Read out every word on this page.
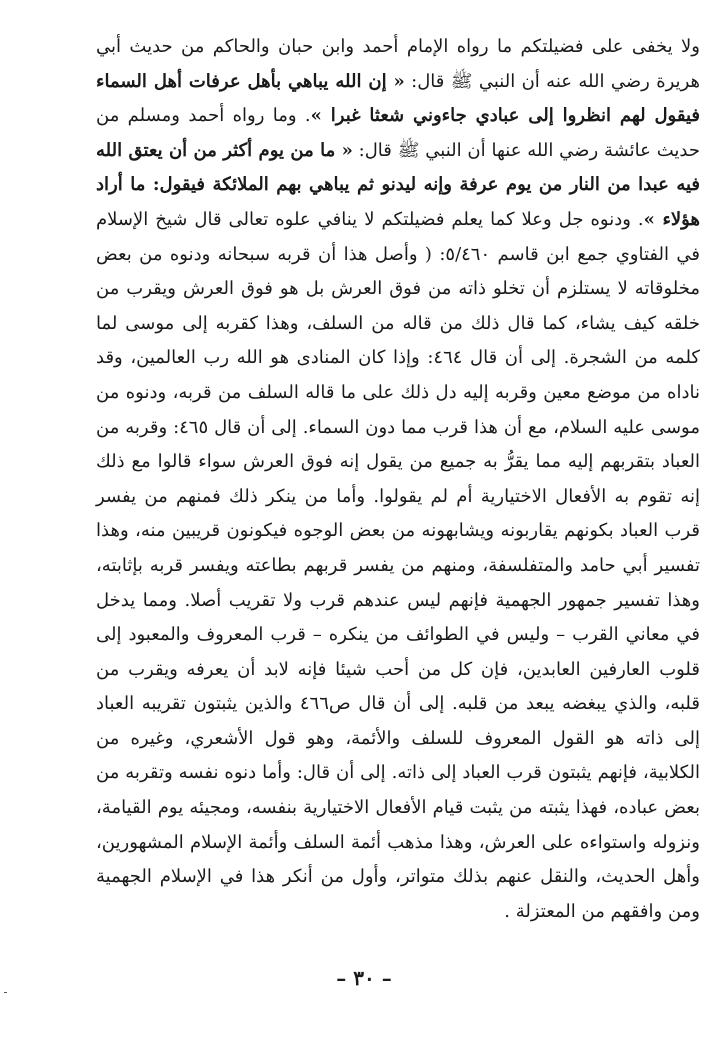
ولا يخفى على فضيلتكم ما رواه الإمام أحمد وابن حبان والحاكم من حديث أبي هريرة رضي الله عنه أن النبي ﷺ قال: « إن الله يباهي بأهل عرفات أهل السماء فيقول لهم انظروا إلى عبادي جاءوني شعثا غبرا ». وما رواه أحمد ومسلم من حديث عائشة رضي الله عنها أن النبي ﷺ قال: « ما من يوم أكثر من أن يعتق الله فيه عبدا من النار من يوم عرفة وإنه ليدنو ثم يباهي بهم الملائكة فيقول: ما أراد هؤلاء ». ودنوه جل وعلا كما يعلم فضيلتكم لا ينافي علوه تعالى قال شيخ الإسلام في الفتاوي جمع ابن قاسم ٥/٤٦٠: ( وأصل هذا أن قربه سبحانه ودنوه من بعض مخلوقاته لا يستلزم أن تخلو ذاته من فوق العرش بل هو فوق العرش ويقرب من خلقه كيف يشاء، كما قال ذلك من قاله من السلف، وهذا كقربه إلى موسى لما كلمه من الشجرة. إلى أن قال ٤٦٤: وإذا كان المنادى هو الله رب العالمين، وقد ناداه من موضع معين وقربه إليه دل ذلك على ما قاله السلف من قربه، ودنوه من موسى عليه السلام، مع أن هذا قرب مما دون السماء. إلى أن قال ٤٦٥: وقربه من العباد بتقربهم إليه مما يقرُّ به جميع من يقول إنه فوق العرش سواء قالوا مع ذلك إنه تقوم به الأفعال الاختيارية أم لم يقولوا. وأما من ينكر ذلك فمنهم من يفسر قرب العباد بكونهم يقاربونه ويشابهونه من بعض الوجوه فيكونون قريبين منه، وهذا تفسير أبي حامد والمتفلسفة، ومنهم من يفسر قربهم بطاعته ويفسر قربه بإثابته، وهذا تفسير جمهور الجهمية فإنهم ليس عندهم قرب ولا تقريب أصلا. ومما يدخل في معاني القرب – وليس في الطوائف من ينكره – قرب المعروف والمعبود إلى قلوب العارفين العابدين، فإن كل من أحب شيئا فإنه لابد أن يعرفه ويقرب من قلبه، والذي يبغضه يبعد من قلبه. إلى أن قال ص٤٦٦ والذين يثبتون تقريبه العباد إلى ذاته هو القول المعروف للسلف والأئمة، وهو قول الأشعري، وغيره من الكلابية، فإنهم يثبتون قرب العباد إلى ذاته. إلى أن قال: وأما دنوه نفسه وتقربه من بعض عباده، فهذا يثبته من يثبت قيام الأفعال الاختيارية بنفسه، ومجيئه يوم القيامة، ونزوله واستواءه على العرش، وهذا مذهب أئمة السلف وأئمة الإسلام المشهورين، وأهل الحديث، والنقل عنهم بذلك متواتر، وأول من أنكر هذا في الإسلام الجهمية ومن وافقهم من المعتزلة .

– ٣٠ –
